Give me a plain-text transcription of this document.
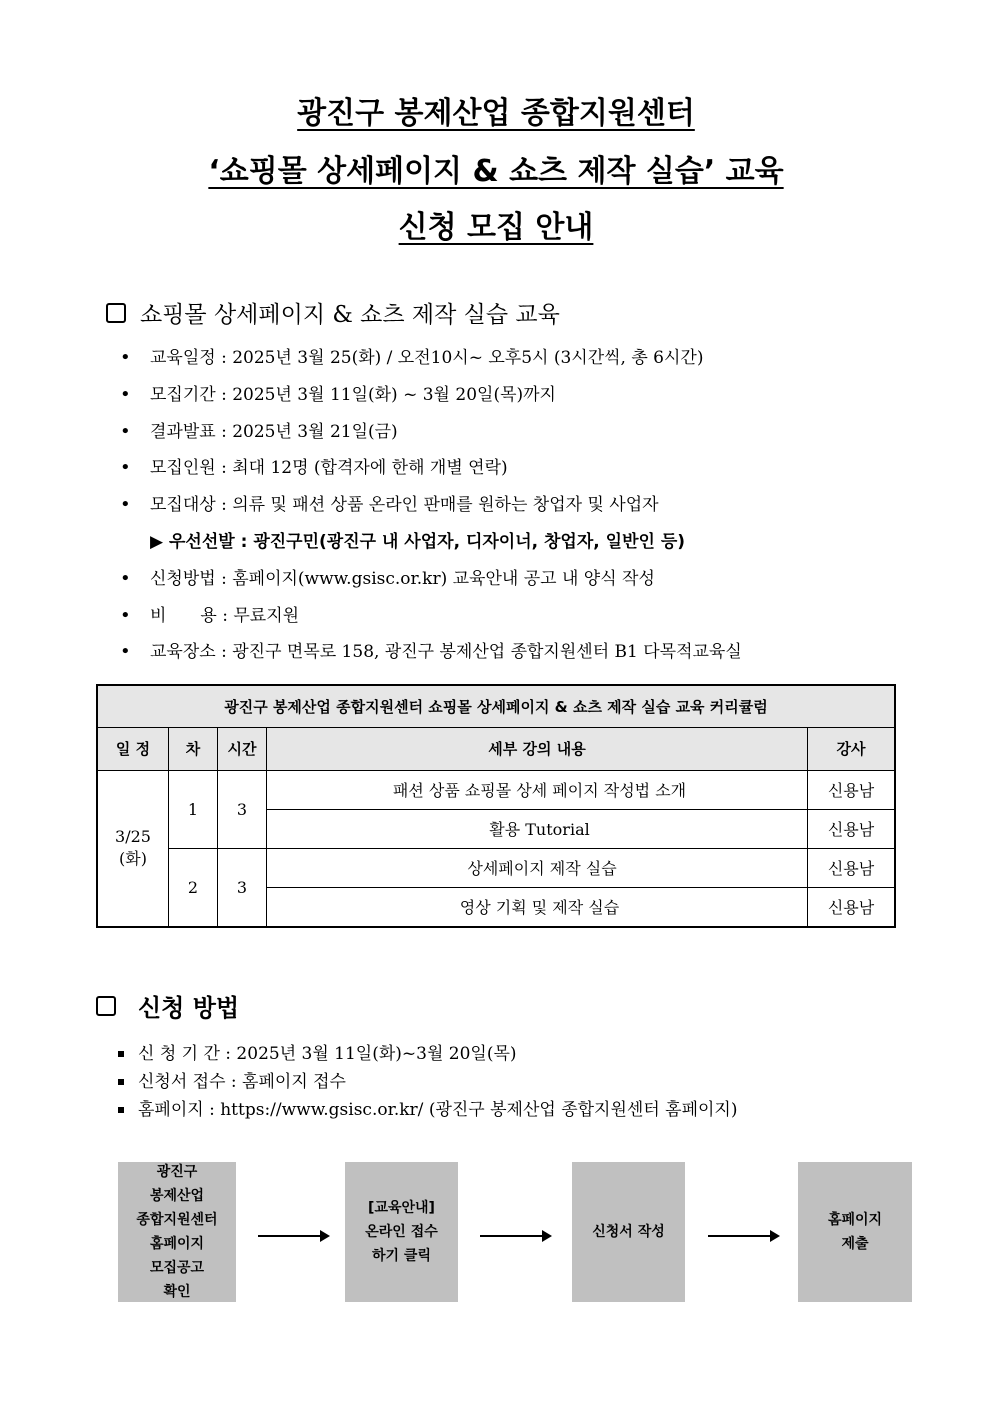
광진구 봉제산업 종합지원센터
‘쇼핑몰 상세페이지 & 쇼츠 제작 실습’ 교육
신청 모집 안내
쇼핑몰 상세페이지 & 쇼츠 제작 실습 교육
• 교육일정 : 2025년 3월 25(화) / 오전10시~ 오후5시 (3시간씩, 총 6시간)
• 모집기간 : 2025년 3월 11일(화) ~ 3월 20일(목)까지
• 결과발표 : 2025년 3월 21일(금)
• 모집인원 : 최대 12명 (합격자에 한해 개별 연락)
• 모집대상 : 의류 및 패션 상품 온라인 판매를 원하는 창업자 및 사업자
▶ 우선선발 : 광진구민(광진구 내 사업자, 디자이너, 창업자, 일반인 등)
• 신청방법 : 홈페이지(www.gsisc.or.kr) 교육안내 공고 내 양식 작성
• 비　　용 : 무료지원
• 교육장소 : 광진구 면목로 158, 광진구 봉제산업 종합지원센터 B1 다목적교육실
광진구 봉제산업 종합지원센터 쇼핑몰 상세페이지 & 쇼츠 제작 실습 교육 커리큘럼				
일 정	차	시간	세부 강의 내용	강사

3/25
(화)	1	3	패션 상품 쇼핑몰 상세 페이지 작성법 소개	신용남
			활용 Tutorial	신용남
	2	3	상세페이지 제작 실습	신용남
			영상 기획 및 제작 실습	신용남
신청 방법
신 청 기 간 : 2025년 3월 11일(화)~3월 20일(목)
신청서 접수 : 홈페이지 접수
홈페이지 : https://www.gsisc.or.kr/ (광진구 봉제산업 종합지원센터 홈페이지)
광진구
봉제산업
종합지원센터
홈페이지
모집공고
확인
[교육안내]
온라인 접수
하기 클릭
신청서 작성
홈페이지
제출
